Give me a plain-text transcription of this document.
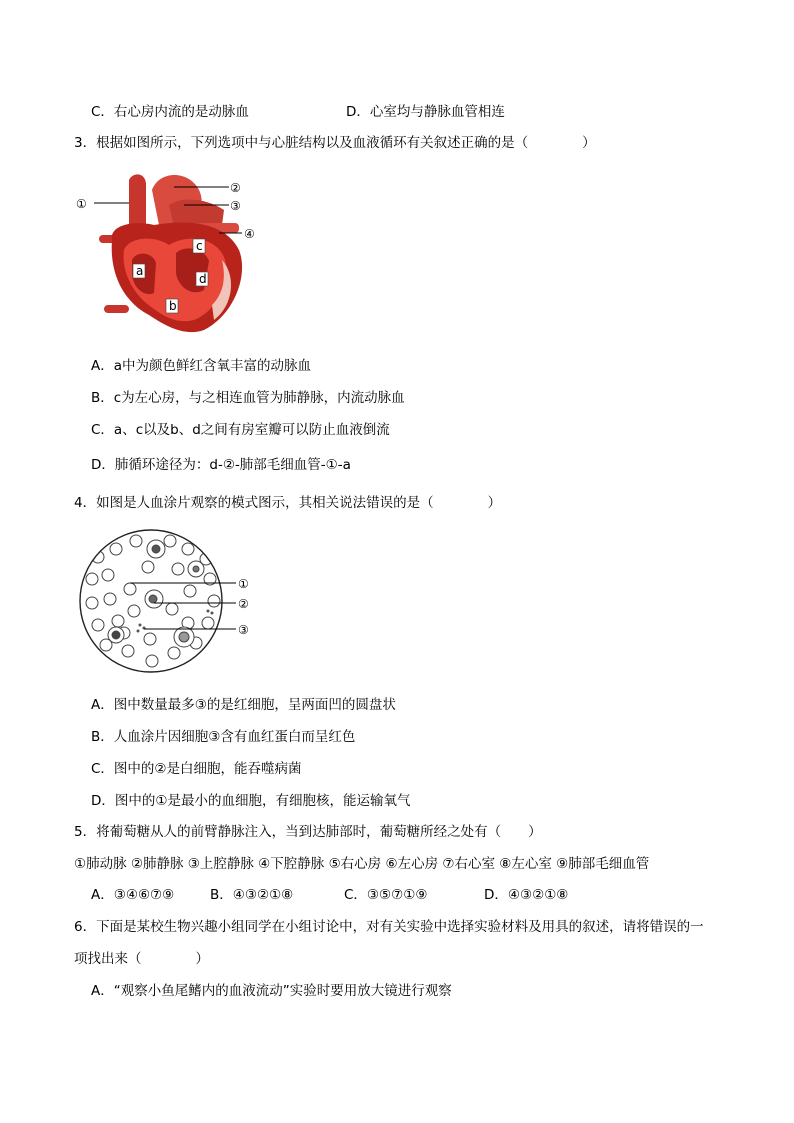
C．右心房内流的是动脉血	D．心室均与静脉血管相连
3．根据如图所示，下列选项中与心脏结构以及血液循环有关叙述正确的是（　　　　）
a
b
c
d
①
②
③
④
A．a中为颜色鲜红含氧丰富的动脉血
B．c为左心房，与之相连血管为肺静脉，内流动脉血
C．a、c以及b、d之间有房室瓣可以防止血液倒流
D．肺循环途径为：d-②-肺部毛细血管-①-a
4．如图是人血涂片观察的模式图示，其相关说法错误的是（　　　　）
①
②
③
A．图中数量最多③的是红细胞，呈两面凹的圆盘状
B．人血涂片因细胞③含有血红蛋白而呈红色
C．图中的②是白细胞，能吞噬病菌
D．图中的①是最小的血细胞，有细胞核，能运输氧气
5．将葡萄糖从人的前臂静脉注入，当到达肺部时，葡萄糖所经之处有（　　）
①肺动脉 ②肺静脉 ③上腔静脉 ④下腔静脉 ⑤右心房 ⑥左心房 ⑦右心室 ⑧左心室 ⑨肺部毛细血管
A．③④⑥⑦⑨	B．④③②①⑧	C．③⑤⑦①⑨	D．④③②①⑧
6．下面是某校生物兴趣小组同学在小组讨论中，对有关实验中选择实验材料及用具的叙述，请将错误的一
项找出来（　　　　）
A．“观察小鱼尾鳍内的血液流动”实验时要用放大镜进行观察
